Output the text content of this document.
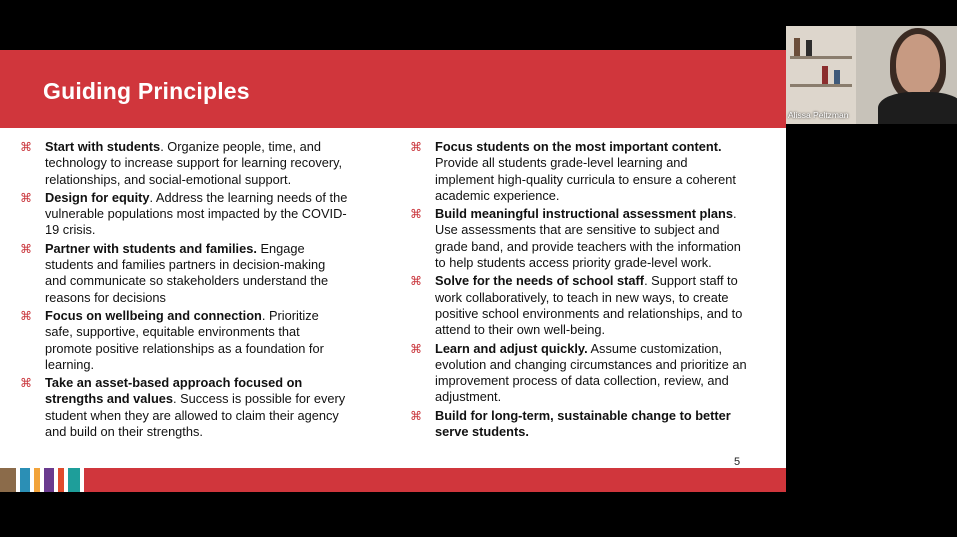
Guiding Principles
⌘ Start with students. Organize people, time, and technology to increase support for learning recovery, relationships, and social-emotional support.
⌘ Design for equity. Address the learning needs of the vulnerable populations most impacted by the COVID-19 crisis.
⌘ Partner with students and families. Engage students and families partners in decision-making and communicate so stakeholders understand the reasons for decisions
⌘ Focus on wellbeing and connection. Prioritize safe, supportive, equitable environments that promote positive relationships as a foundation for learning.
⌘ Take an asset-based approach focused on strengths and values. Success is possible for every student when they are allowed to claim their agency and build on their strengths.
⌘ Focus students on the most important content. Provide all students grade-level learning and implement high-quality curricula to ensure a coherent academic experience.
⌘ Build meaningful instructional assessment plans. Use assessments that are sensitive to subject and grade band, and provide teachers with the information to help students access priority grade-level work.
⌘ Solve for the needs of school staff. Support staff to work collaboratively, to teach in new ways, to create positive school environments and relationships, and to attend to their own well-being.
⌘ Learn and adjust quickly. Assume customization, evolution and changing circumstances and prioritize an improvement process of data collection, review, and adjustment.
⌘ Build for long-term, sustainable change to better serve students.
5
Alissa Peltzman
